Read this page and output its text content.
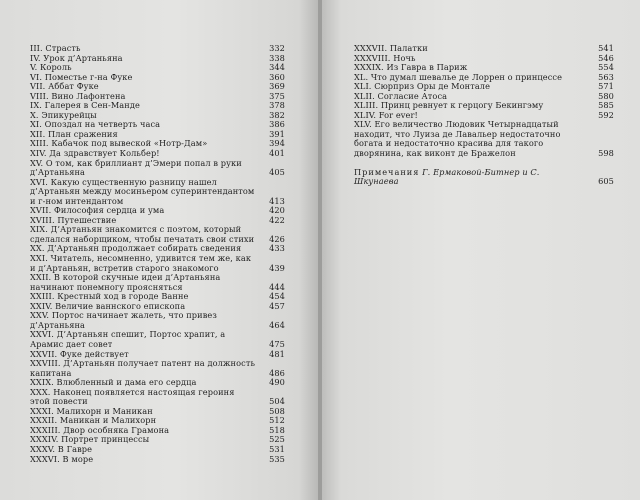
III. Страсть	332
IV. Урок д’Артаньяна	338
V. Король	344
VI. Поместье г-на Фуке	360
VII. Аббат Фуке	369
VIII. Вино Лафонтена	375
IX. Галерея в Сен-Манде	378
X. Эпикурейцы	382
XI. Опоздал на четверть часа	386
XII. План сражения	391
XIII. Кабачок под вывеской «Нотр-Дам»	394
XIV. Да здравствует Кольбер!	401
XV. О том, как бриллиант д’Эмери попал в руки д’Артаньяна	405
XVI. Какую существенную разницу нашел д’Артаньян между мосиньером суперинтендантом и г-ном интендантом	413
XVII. Философия сердца и ума	420
XVIII. Путешествие	422
XIX. Д’Артаньян знакомится с поэтом, который сделался наборщиком, чтобы печатать свои стихи	426
XX. Д’Артаньян продолжает собирать сведения	433
XXI. Читатель, несомненно, удивится тем же, как и д’Артаньян, встретив старого знакомого	439
XXII. В которой скучные идеи д’Артаньяна начинают понемногу проясняться	444
XXIII. Крестный ход в городе Ванне	454
XXIV. Величие ваннского епископа	457
XXV. Портос начинает жалеть, что привез д’Артаньяна	464
XXVI. Д’Артаньян спешит, Портос храпит, а Арамис дает совет	475
XXVII. Фуке действует	481
XXVIII. Д’Артаньян получает патент на должность капитана	486
XXIX. Влюбленный и дама его сердца	490
XXX. Наконец появляется настоящая героиня этой повести	504
XXXI. Малихорн и Маникан	508
XXXII. Маникан и Малихорн	512
XXXIII. Двор особняка Грамона	518
XXXIV. Портрет принцессы	525
XXXV. В Гавре	531
XXXVI. В море	535
XXXVII. Палатки	541
XXXVIII. Ночь	546
XXXIX. Из Гавра в Париж	554
XL. Что думал шевалье де Лоррен о принцессе	563
XLI. Сюрприз Оры де Монтале	571
XLII. Согласие Атоса	580
XLIII. Принц ревнует к герцогу Бекингэму	585
XLIV. For ever!	592
XLV. Его величество Людовик Четырнадцатый находит, что Луиза де Лавальер недостаточно богата и недостаточно красива для такого дворянина, как виконт де Бражелон	598
Примечания Г. Ермаковой-Битнер и С. Шкунаева	605
